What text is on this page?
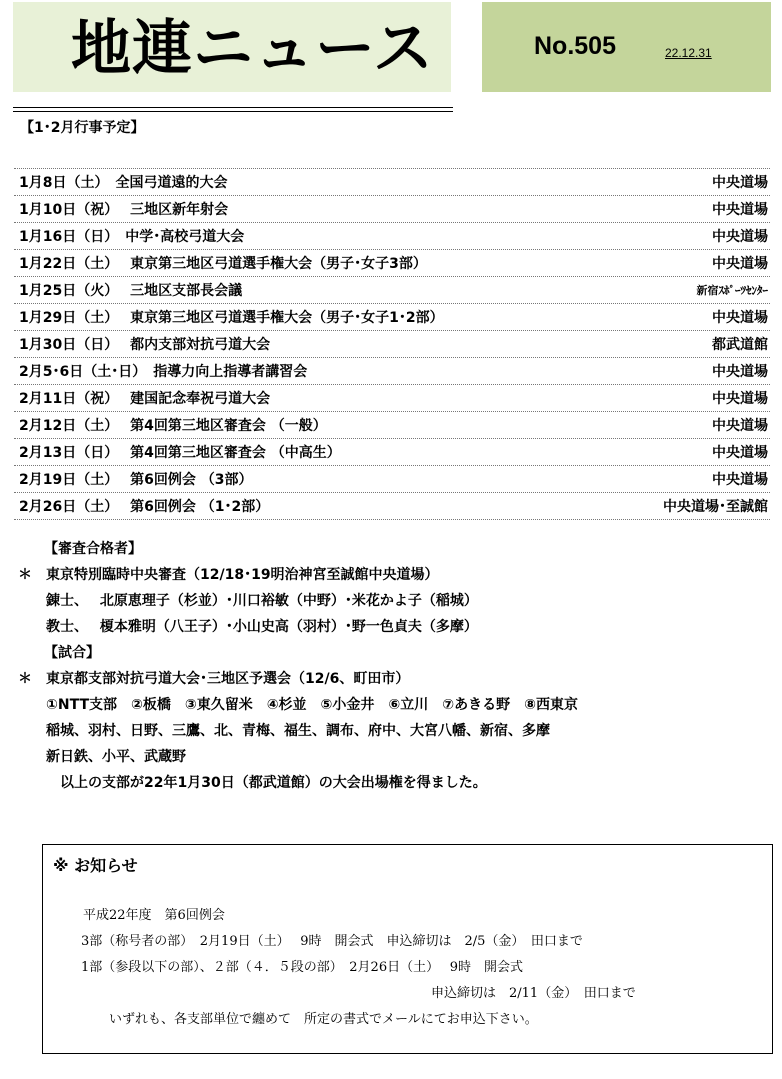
地連ニュース	No.505	22.12.31
【1･2月行事予定】
1月8日（土）　全国弓道遠的大会	中央道場
1月10日（祝）　 三地区新年射会	中央道場
1月16日（日）　中学･高校弓道大会	中央道場
1月22日（土）　 東京第三地区弓道選手権大会（男子･女子3部）	中央道場
1月25日（火）　 三地区支部長会議	新宿ｽﾎﾟｰﾂｾﾝﾀｰ
1月29日（土）　 東京第三地区弓道選手権大会（男子･女子1･2部）	中央道場
1月30日（日）　 都内支部対抗弓道大会	都武道館
2月5･6日（土･日）　指導力向上指導者講習会	中央道場
2月11日（祝）　 建国記念奉祝弓道大会	中央道場
2月12日（土）　 第4回第三地区審査会 （一般）	中央道場
2月13日（日）　 第4回第三地区審査会 （中高生）	中央道場
2月19日（土）　 第6回例会 （3部）	中央道場
2月26日（土）　 第6回例会 （1･2部）	中央道場･至誠館
【審査合格者】
＊ 東京特別臨時中央審査（12/18･19明治神宮至誠館中央道場）
錬士、　 北原恵理子（杉並）･川口裕敏（中野）･米花かよ子（稲城）
教士、　 榎本雅明（八王子）･小山史高（羽村）･野一色貞夫（多摩）
【試合】
＊ 東京都支部対抗弓道大会･三地区予選会（12/6、町田市）
①NTT支部　②板橋　③東久留米　④杉並　⑤小金井　⑥立川　⑦あきる野　⑧西東京
稲城、羽村、日野、三鷹、北、青梅、福生、調布、府中、大宮八幡、新宿、多摩
新日鉄、小平、武蔵野
以上の支部が22年1月30日（都武道館）の大会出場権を得ました。
※ お知らせ
平成22年度　第6回例会
3部（称号者の部）　2月19日（土）　 9時　開会式　申込締切は　2/5（金）　田口まで
1部（参段以下の部）、２部（４．５段の部）　2月26日（土）　 9時　開会式
申込締切は　2/11（金）　田口まで
いずれも、各支部単位で纏めて　所定の書式でメールにてお申込下さい。
